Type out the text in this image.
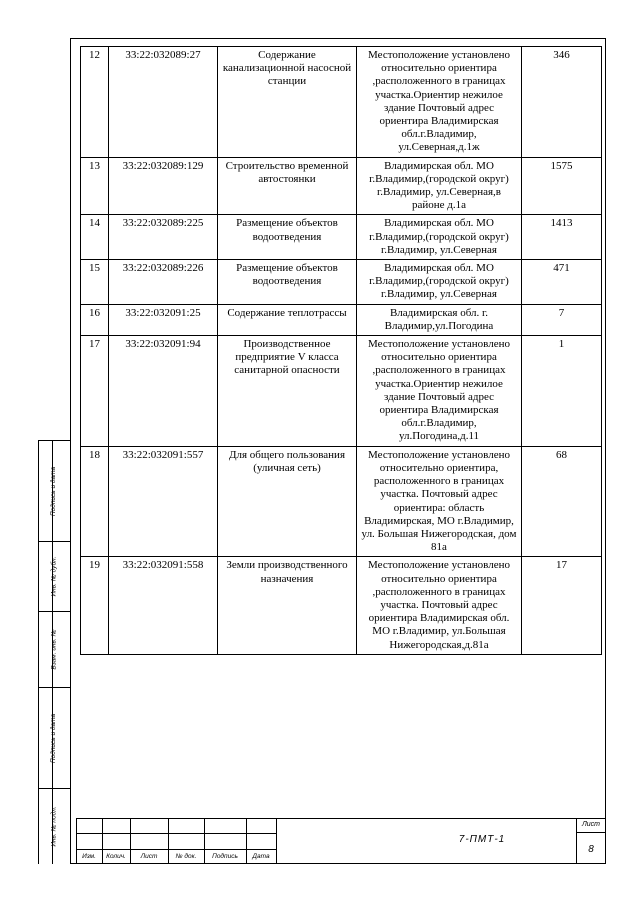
Подпись и дата
Инв. № дубл.
Взам. инв. №
Подпись и дата
Инв. № подл.
12	33:22:032089:27	Содержание канализационной насосной станции	Местоположение установлено относительно ориентира ,расположенного в границах участка.Ориентир нежилое здание Почтовый адрес ориентира Владимирская обл.г.Владимир, ул.Северная,д.1ж	346
13	33:22:032089:129	Строительство временной автостоянки	Владимирская обл. МО г.Владимир,(городской округ) г.Владимир, ул.Северная,в районе д.1а	1575
14	33:22:032089:225	Размещение объектов водоотведения	Владимирская обл. МО г.Владимир,(городской округ) г.Владимир, ул.Северная	1413
15	33:22:032089:226	Размещение объектов водоотведения	Владимирская обл. МО г.Владимир,(городской округ) г.Владимир, ул.Северная	471
16	33:22:032091:25	Содержание теплотрассы	Владимирская обл. г. Владимир,ул.Погодина	7
17	33:22:032091:94	Производственное предприятие V класса санитарной опасности	Местоположение установлено относительно ориентира ,расположенного в границах участка.Ориентир нежилое здание Почтовый адрес ориентира Владимирская обл.г.Владимир, ул.Погодина,д.11	1
18	33:22:032091:557	Для общего пользования (уличная сеть)	Местоположение установлено относительно ориентира, расположенного в границах участка. Почтовый адрес ориентира: область Владимирская, МО г.Владимир, ул. Большая Нижегородская, дом 81а	68
19	33:22:032091:558	Земли производственного назначения	Местоположение установлено относительно ориентира ,расположенного в границах участка. Почтовый адрес ориентира Владимирская обл. МО г.Владимир, ул.Большая Нижегородская,д.81а	17
Изм.	Колич.	Лист	№ док.	Подпись	Дата
7-ПМТ-1
Лист
8
